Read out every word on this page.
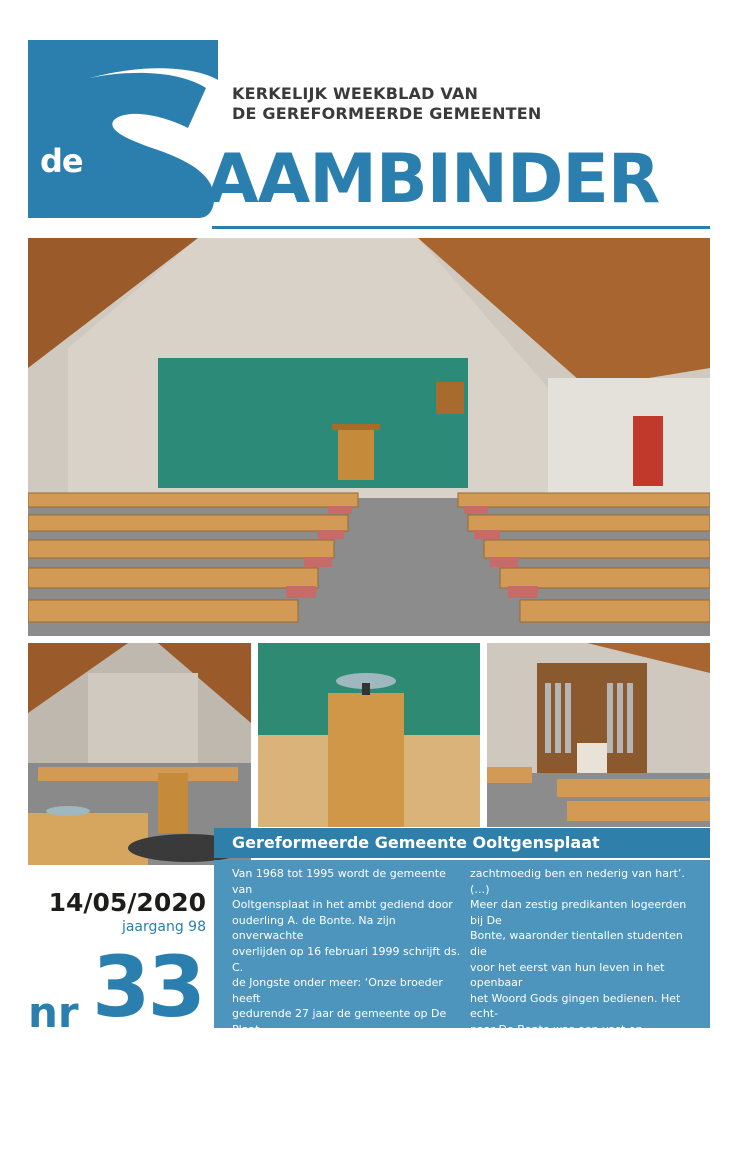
de
KERKELIJK WEEKBLAD VAN
DE GEREFORMEERDE GEMEENTEN
AAMBINDER
14/05/2020
jaargang 98
nr 33
Gereformeerde Gemeente Ooltgensplaat
Van 1968 tot 1995 wordt de gemeente van
Ooltgensplaat in het ambt gediend door
ouderling A. de Bonte. Na zijn onverwachte
overlijden op 16 februari 1999 schrijft ds. C.
de Jongste onder meer: ‘Onze broeder heeft
gedurende 27 jaar de gemeente op De Plaat
gediend in grote liefde en onvergetelijke
eenvoud. In zijn optreden en voorgaan mocht
door genade iets afstralen van de les van de
grote Ambtsdrager: ‘En leert van Mij dat Ik
zachtmoedig ben en nederig van hart’. (…)
Meer dan zestig predikanten logeerden bij De
Bonte, waaronder tientallen studenten die
voor het eerst van hun leven in het openbaar
het Woord Gods gingen bedienen. Het echt-
paar De Bonte was een vast en vertrouwd
adres voor het curatorium om studenten te
laten beginnen. Voor velen zijn onvergetelij-
ke banden gevallen. De gedachtenis van de
rechtvaardige zal tot zegening zijn’.
